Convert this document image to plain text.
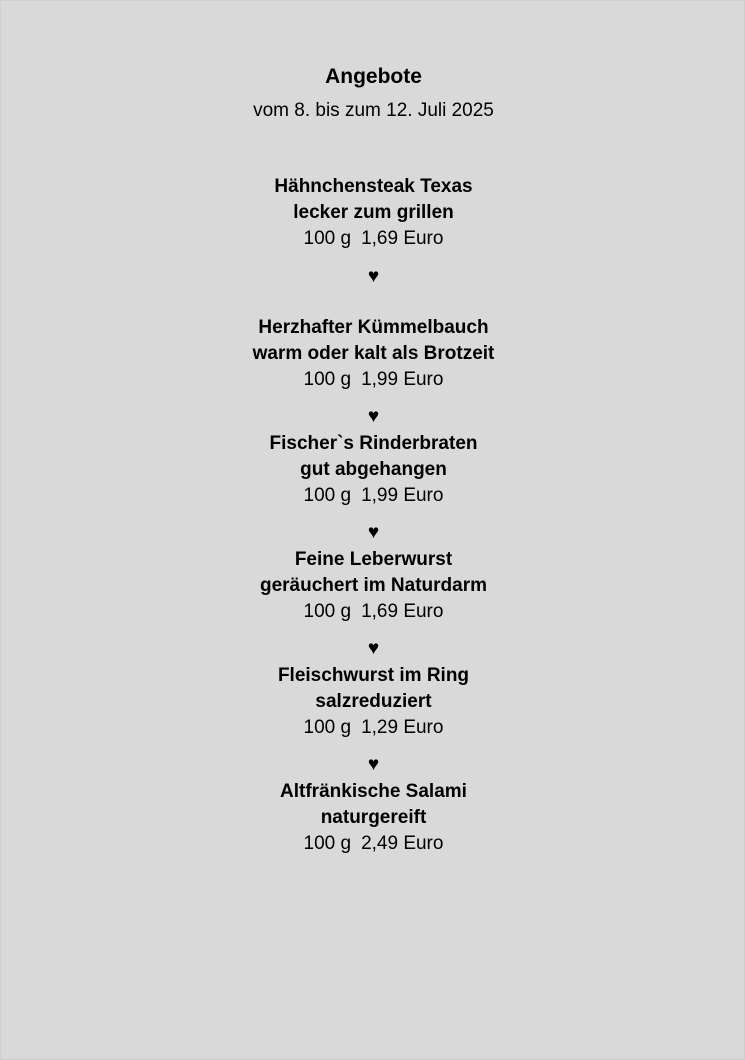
Angebote
vom 8. bis zum 12. Juli 2025
Hähnchensteak Texas
lecker zum grillen
100 g 1,69 Euro
♥
Herzhafter Kümmelbauch
warm oder kalt als Brotzeit
100 g 1,99 Euro
♥
Fischer`s Rinderbraten
gut abgehangen
100 g 1,99 Euro
♥
Feine Leberwurst
geräuchert im Naturdarm
100 g 1,69 Euro
♥
Fleischwurst im Ring
salzreduziert
100 g 1,29 Euro
♥
Altfränkische Salami
naturgereift
100 g 2,49 Euro
